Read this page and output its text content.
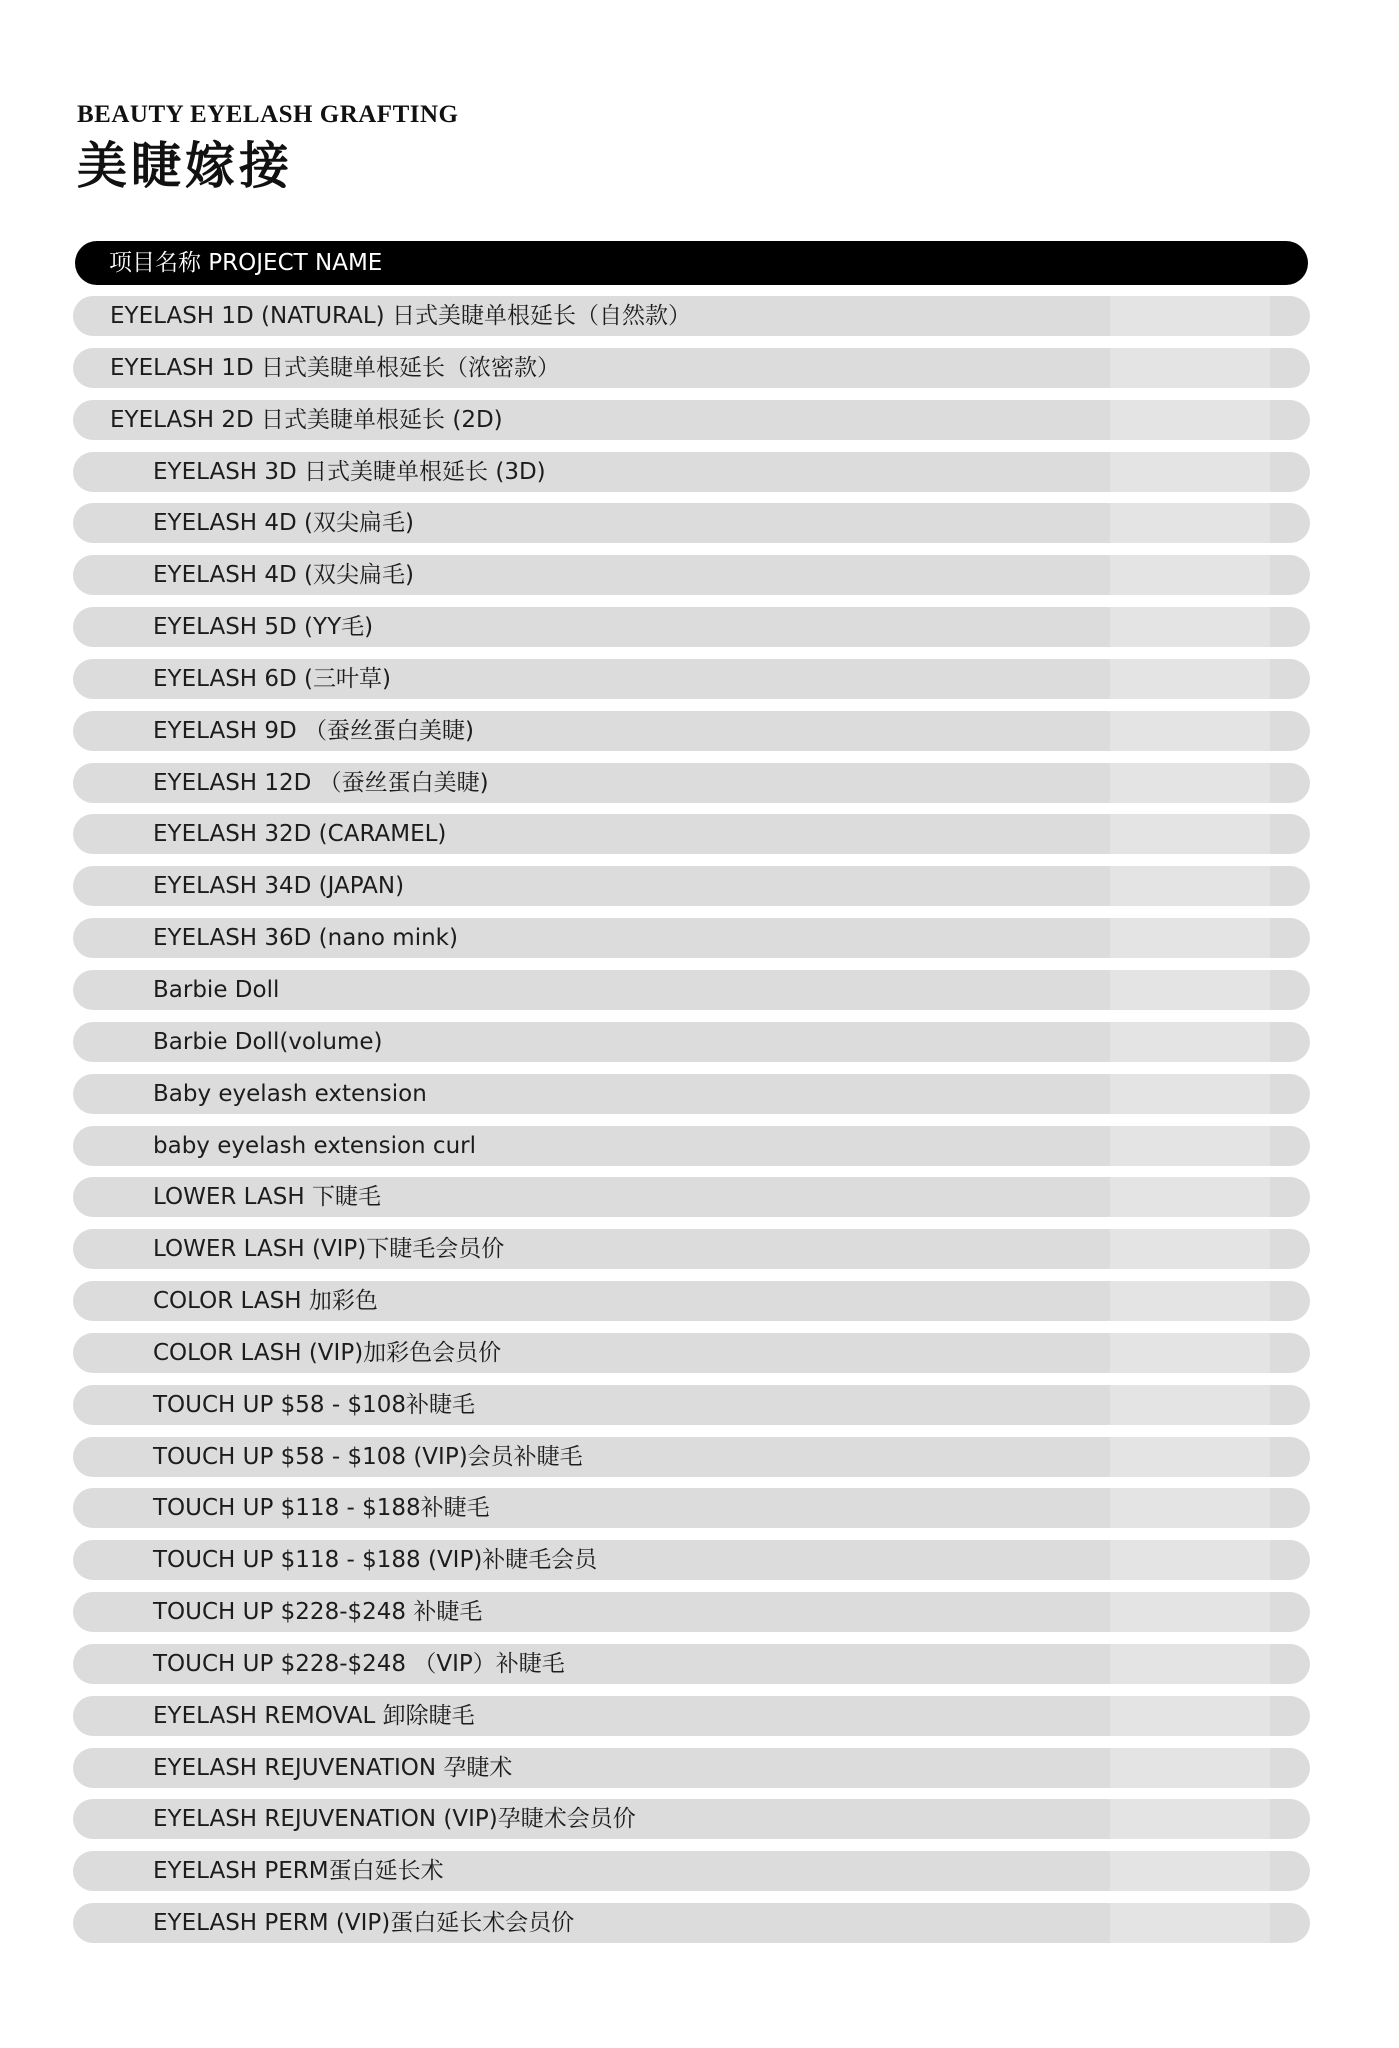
BEAUTY EYELASH GRAFTING
美睫嫁接
项目名称 PROJECT NAME
EYELASH 1D (NATURAL) 日式美睫单根延长（自然款）
EYELASH 1D 日式美睫单根延长（浓密款）
EYELASH 2D 日式美睫单根延长 (2D)
EYELASH 3D 日式美睫单根延长 (3D)
EYELASH 4D (双尖扁毛)
EYELASH 4D (双尖扁毛)
EYELASH 5D (YY毛)
EYELASH 6D (三叶草)
EYELASH 9D （蚕丝蛋白美睫)
EYELASH 12D （蚕丝蛋白美睫)
EYELASH 32D (CARAMEL)
EYELASH 34D (JAPAN)
EYELASH 36D (nano mink)
Barbie Doll
Barbie Doll(volume)
Baby eyelash extension
baby eyelash extension curl
LOWER LASH 下睫毛
LOWER LASH (VIP)下睫毛会员价
COLOR LASH 加彩色
COLOR LASH (VIP)加彩色会员价
TOUCH UP $58 - $108补睫毛
TOUCH UP $58 - $108 (VIP)会员补睫毛
TOUCH UP $118 - $188补睫毛
TOUCH UP $118 - $188 (VIP)补睫毛会员
TOUCH UP $228-$248 补睫毛
TOUCH UP $228-$248 （VIP）补睫毛
EYELASH REMOVAL 卸除睫毛
EYELASH REJUVENATION 孕睫术
EYELASH REJUVENATION (VIP)孕睫术会员价
EYELASH PERM蛋白延长术
EYELASH PERM (VIP)蛋白延长术会员价
